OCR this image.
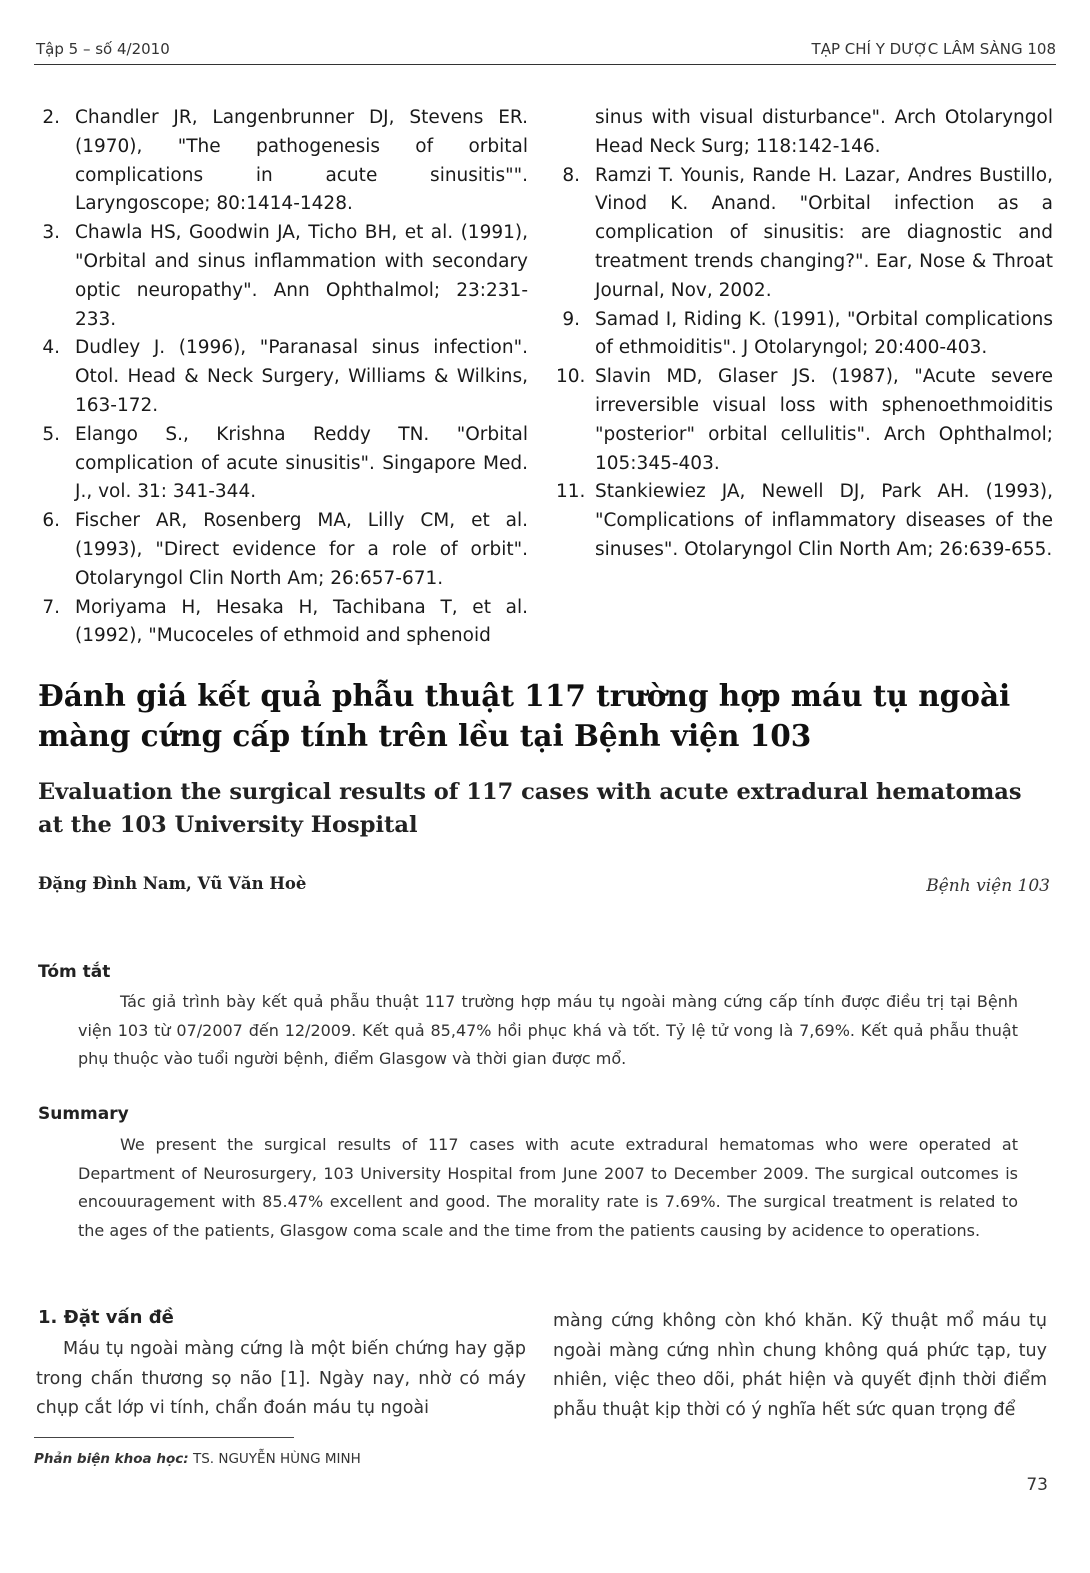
Tập 5 – số 4/2010	TẠP CHÍ Y DƯỢC LÂM SÀNG 108
2. Chandler JR, Langenbrunner DJ, Stevens ER. (1970), "The pathogenesis of orbital complications in acute sinusitis"". Laryngoscope; 80:1414-1428.
3. Chawla HS, Goodwin JA, Ticho BH, et al. (1991), "Orbital and sinus inflammation with secondary optic neuropathy". Ann Ophthalmol; 23:231-233.
4. Dudley J. (1996), "Paranasal sinus infection". Otol. Head & Neck Surgery, Williams & Wilkins, 163-172.
5. Elango S., Krishna Reddy TN. "Orbital complication of acute sinusitis". Singapore Med. J., vol. 31: 341-344.
6. Fischer AR, Rosenberg MA, Lilly CM, et al. (1993), "Direct evidence for a role of orbit". Otolaryngol Clin North Am; 26:657-671.
7. Moriyama H, Hesaka H, Tachibana T, et al. (1992), "Mucoceles of ethmoid and sphenoid
sinus with visual disturbance". Arch Otolaryngol Head Neck Surg; 118:142-146.
8. Ramzi T. Younis, Rande H. Lazar, Andres Bustillo, Vinod K. Anand. "Orbital infection as a complication of sinusitis: are diagnostic and treatment trends changing?". Ear, Nose & Throat Journal, Nov, 2002.
9. Samad I, Riding K. (1991), "Orbital complications of ethmoiditis". J Otolaryngol; 20:400-403.
10. Slavin MD, Glaser JS. (1987), "Acute severe irreversible visual loss with sphenoethmoiditis "posterior" orbital cellulitis". Arch Ophthalmol; 105:345-403.
11. Stankiewiez JA, Newell DJ, Park AH. (1993), "Complications of inflammatory diseases of the sinuses". Otolaryngol Clin North Am; 26:639-655.
Đánh giá kết quả phẫu thuật 117 trường hợp máu tụ ngoài màng cứng cấp tính trên lều tại Bệnh viện 103
Evaluation the surgical results of 117 cases with acute extradural hematomas at the 103 University Hospital
Đặng Đình Nam, Vũ Văn Hoè	Bệnh viện 103
Tóm tắt
Tác giả trình bày kết quả phẫu thuật 117 trường hợp máu tụ ngoài màng cứng cấp tính được điều trị tại Bệnh viện 103 từ 07/2007 đến 12/2009. Kết quả 85,47% hồi phục khá và tốt. Tỷ lệ tử vong là 7,69%. Kết quả phẫu thuật phụ thuộc vào tuổi người bệnh, điểm Glasgow và thời gian được mổ.
Summary
We present the surgical results of 117 cases with acute extradural hematomas who were operated at Department of Neurosurgery, 103 University Hospital from June 2007 to December 2009. The surgical outcomes is encouuragement with 85.47% excellent and good. The morality rate is 7.69%. The surgical treatment is related to the ages of the patients, Glasgow coma scale and the time from the patients causing by acidence to operations.
1. Đặt vấn đề
Máu tụ ngoài màng cứng là một biến chứng hay gặp trong chấn thương sọ não [1]. Ngày nay, nhờ có máy chụp cắt lớp vi tính, chẩn đoán máu tụ ngoài
màng cứng không còn khó khăn. Kỹ thuật mổ máu tụ ngoài màng cứng nhìn chung không quá phức tạp, tuy nhiên, việc theo dõi, phát hiện và quyết định thời điểm phẫu thuật kịp thời có ý nghĩa hết sức quan trọng để
Phản biện khoa học: TS. NGUYỄN HÙNG MINH
73
